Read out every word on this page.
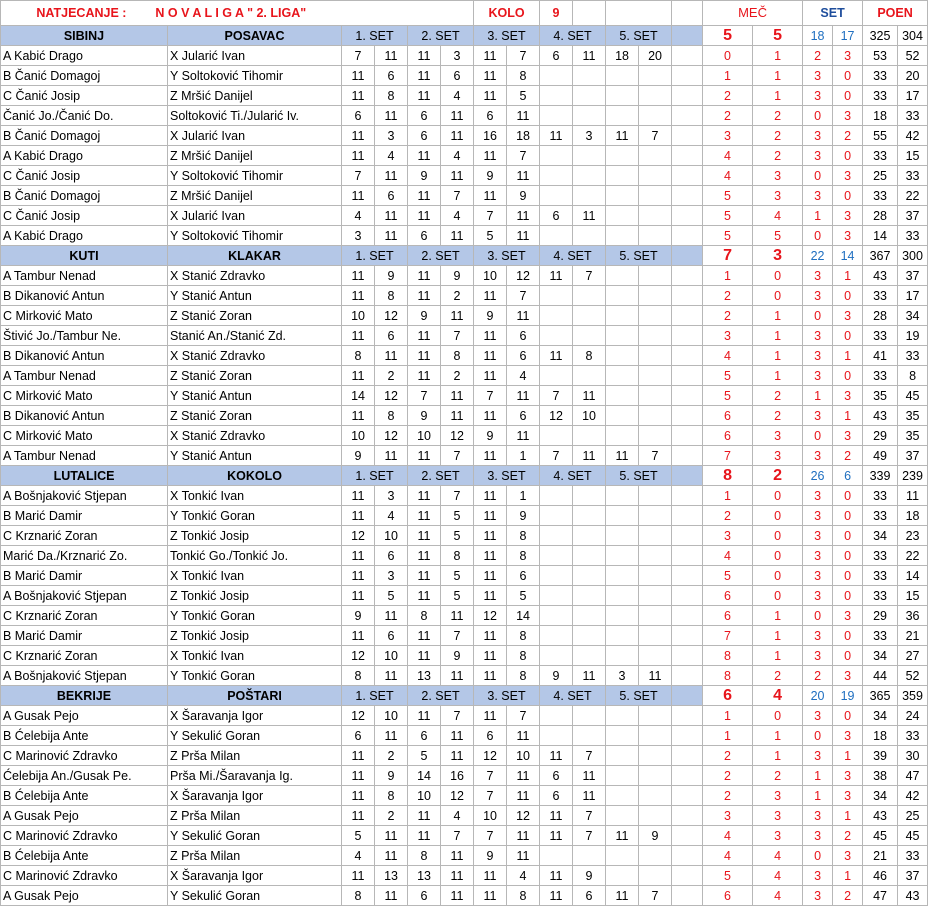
NATJECANJE : N O V A L I G A " 2. LIGA"						KOLO		9					MEČ		SET		POEN	
SIBINJ	POSAVAC	1. SET		2. SET		3. SET		4. SET		5. SET			5	5	18	17	325	304
A Kabić Drago	X Jularić Ivan	7	11	11	3	11	7	6	11	18	20		0	1	2	3	53	52
B Čanić Domagoj	Y Soltoković Tihomir	11	6	11	6	11	8						1	1	3	0	33	20
C Čanić Josip	Z Mršić Danijel	11	8	11	4	11	5						2	1	3	0	33	17
Čanić Jo./Čanić Do.	Soltoković Ti./Jularić Iv.	6	11	6	11	6	11						2	2	0	3	18	33
B Čanić Domagoj	X Jularić Ivan	11	3	6	11	16	18	11	3	11	7		3	2	3	2	55	42
A Kabić Drago	Z Mršić Danijel	11	4	11	4	11	7						4	2	3	0	33	15
C Čanić Josip	Y Soltoković Tihomir	7	11	9	11	9	11						4	3	0	3	25	33
B Čanić Domagoj	Z Mršić Danijel	11	6	11	7	11	9						5	3	3	0	33	22
C Čanić Josip	X Jularić Ivan	4	11	11	4	7	11	6	11				5	4	1	3	28	37
A Kabić Drago	Y Soltoković Tihomir	3	11	6	11	5	11						5	5	0	3	14	33
KUTI	KLAKAR	1. SET		2. SET		3. SET		4. SET		5. SET			7	3	22	14	367	300
A Tambur Nenad	X Stanić Zdravko	11	9	11	9	10	12	11	7				1	0	3	1	43	37
B Dikanović Antun	Y Stanić Antun	11	8	11	2	11	7						2	0	3	0	33	17
C Mirković Mato	Z Stanić Zoran	10	12	9	11	9	11						2	1	0	3	28	34
Štivić Jo./Tambur Ne.	Stanić An./Stanić Zd.	11	6	11	7	11	6						3	1	3	0	33	19
B Dikanović Antun	X Stanić Zdravko	8	11	11	8	11	6	11	8				4	1	3	1	41	33
A Tambur Nenad	Z Stanić Zoran	11	2	11	2	11	4						5	1	3	0	33	8
C Mirković Mato	Y Stanić Antun	14	12	7	11	7	11	7	11				5	2	1	3	35	45
B Dikanović Antun	Z Stanić Zoran	11	8	9	11	11	6	12	10				6	2	3	1	43	35
C Mirković Mato	X Stanić Zdravko	10	12	10	12	9	11						6	3	0	3	29	35
A Tambur Nenad	Y Stanić Antun	9	11	11	7	11	1	7	11	11	7		7	3	3	2	49	37
LUTALICE	KOKOLO	1. SET		2. SET		3. SET		4. SET		5. SET			8	2	26	6	339	239
A Bošnjaković Stjepan	X Tonkić Ivan	11	3	11	7	11	1						1	0	3	0	33	11
B Marić Damir	Y Tonkić Goran	11	4	11	5	11	9						2	0	3	0	33	18
C Krznarić Zoran	Z Tonkić Josip	12	10	11	5	11	8						3	0	3	0	34	23
Marić Da./Krznarić Zo.	Tonkić Go./Tonkić Jo.	11	6	11	8	11	8						4	0	3	0	33	22
B Marić Damir	X Tonkić Ivan	11	3	11	5	11	6						5	0	3	0	33	14
A Bošnjaković Stjepan	Z Tonkić Josip	11	5	11	5	11	5						6	0	3	0	33	15
C Krznarić Zoran	Y Tonkić Goran	9	11	8	11	12	14						6	1	0	3	29	36
B Marić Damir	Z Tonkić Josip	11	6	11	7	11	8						7	1	3	0	33	21
C Krznarić Zoran	X Tonkić Ivan	12	10	11	9	11	8						8	1	3	0	34	27
A Bošnjaković Stjepan	Y Tonkić Goran	8	11	13	11	11	8	9	11	3	11		8	2	2	3	44	52
BEKRIJE	POŠTARI	1. SET		2. SET		3. SET		4. SET		5. SET			6	4	20	19	365	359
A Gusak Pejo	X Šaravanja Igor	12	10	11	7	11	7						1	0	3	0	34	24
B Ćelebija Ante	Y Sekulić Goran	6	11	6	11	6	11						1	1	0	3	18	33
C Marinović Zdravko	Z Prša Milan	11	2	5	11	12	10	11	7				2	1	3	1	39	30
Ćelebija An./Gusak Pe.	Prša Mi./Šaravanja Ig.	11	9	14	16	7	11	6	11				2	2	1	3	38	47
B Ćelebija Ante	X Šaravanja Igor	11	8	10	12	7	11	6	11				2	3	1	3	34	42
A Gusak Pejo	Z Prša Milan	11	2	11	4	10	12	11	7				3	3	3	1	43	25
C Marinović Zdravko	Y Sekulić Goran	5	11	11	7	7	11	11	7	11	9		4	3	3	2	45	45
B Ćelebija Ante	Z Prša Milan	4	11	8	11	9	11						4	4	0	3	21	33
C Marinović Zdravko	X Šaravanja Igor	11	13	13	11	11	4	11	9				5	4	3	1	46	37
A Gusak Pejo	Y Sekulić Goran	8	11	6	11	11	8	11	6	11	7		6	4	3	2	47	43
